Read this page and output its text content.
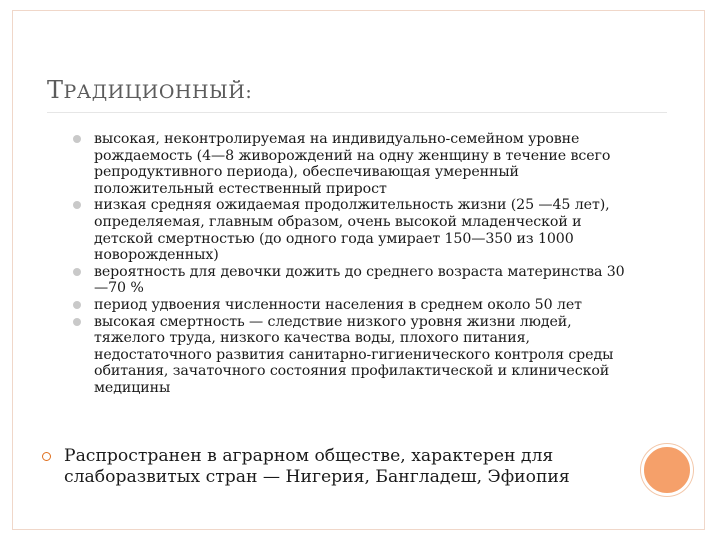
ТРАДИЦИОННЫЙ:
высокая, неконтролируемая на индивидуально-семейном уровне рождаемость (4—8 живорождений на одну женщину в течение всего репродуктивного периода), обеспечивающая умеренный положительный естественный прирост
низкая средняя ожидаемая продолжительность жизни (25 —45 лет), определяемая, главным образом, очень высокой младенческой и детской смертностью (до одного года умирает 150—350 из 1000 новорожденных)
вероятность для девочки дожить до среднего возраста материнства 30—70 %
период удвоения численности населения в среднем около 50 лет
высокая смертность — следствие низкого уровня жизни людей, тяжелого труда, низкого качества воды, плохого питания, недостаточного развития санитарно-гигиенического контроля среды обитания, зачаточного состояния профилактической и клинической медицины
Распространен в аграрном обществе, характерен для слаборазвитых стран — Нигерия, Бангладеш, Эфиопия
